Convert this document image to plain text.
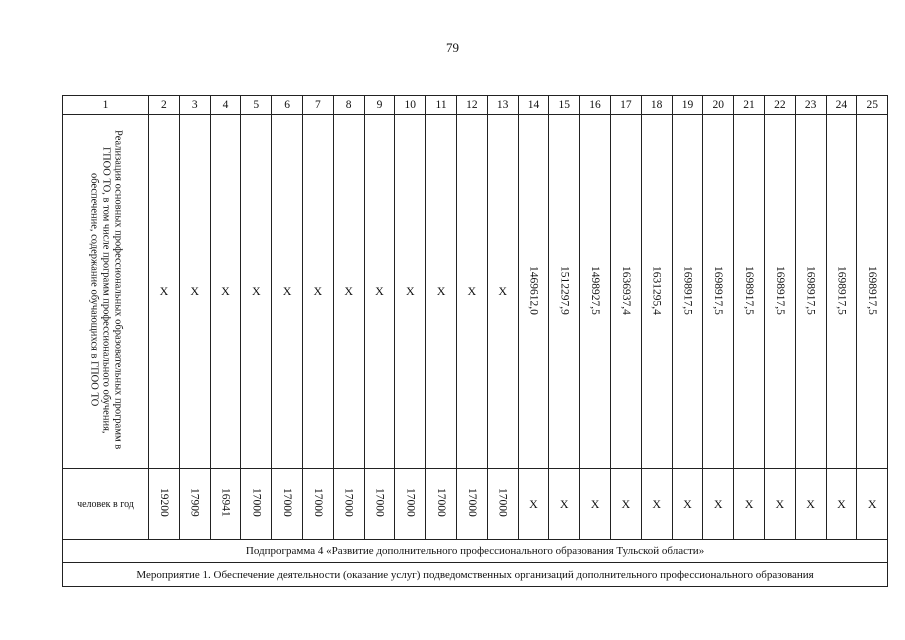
79
1	2	3	4	5	6	7	8	9	10	11	12	13	14	15	16	17	18	19	20	21	22	23	24	25
Реализация основных профессиональных образовательных программ в ГПОО ТО, в том числе программ профессионального обучения, обеспечение, содержание обучающихся в ГПОО ТО	X	X	X	X	X	X	X	X	X	X	X	X	1469612,0	1512297,9	1498927,5	1636937,4	1631295,4	1698917,5	1698917,5	1698917,5	1698917,5	1698917,5	1698917,5	1698917,5
человек в год	19200	17909	16941	17000	17000	17000	17000	17000	17000	17000	17000	17000	X	X	X	X	X	X	X	X	X	X	X	X
Подпрограмма 4 «Развитие дополнительного профессионального образования Тульской области»																								
Мероприятие 1. Обеспечение деятельности (оказание услуг) подведомственных организаций дополнительного профессионального образования																								
